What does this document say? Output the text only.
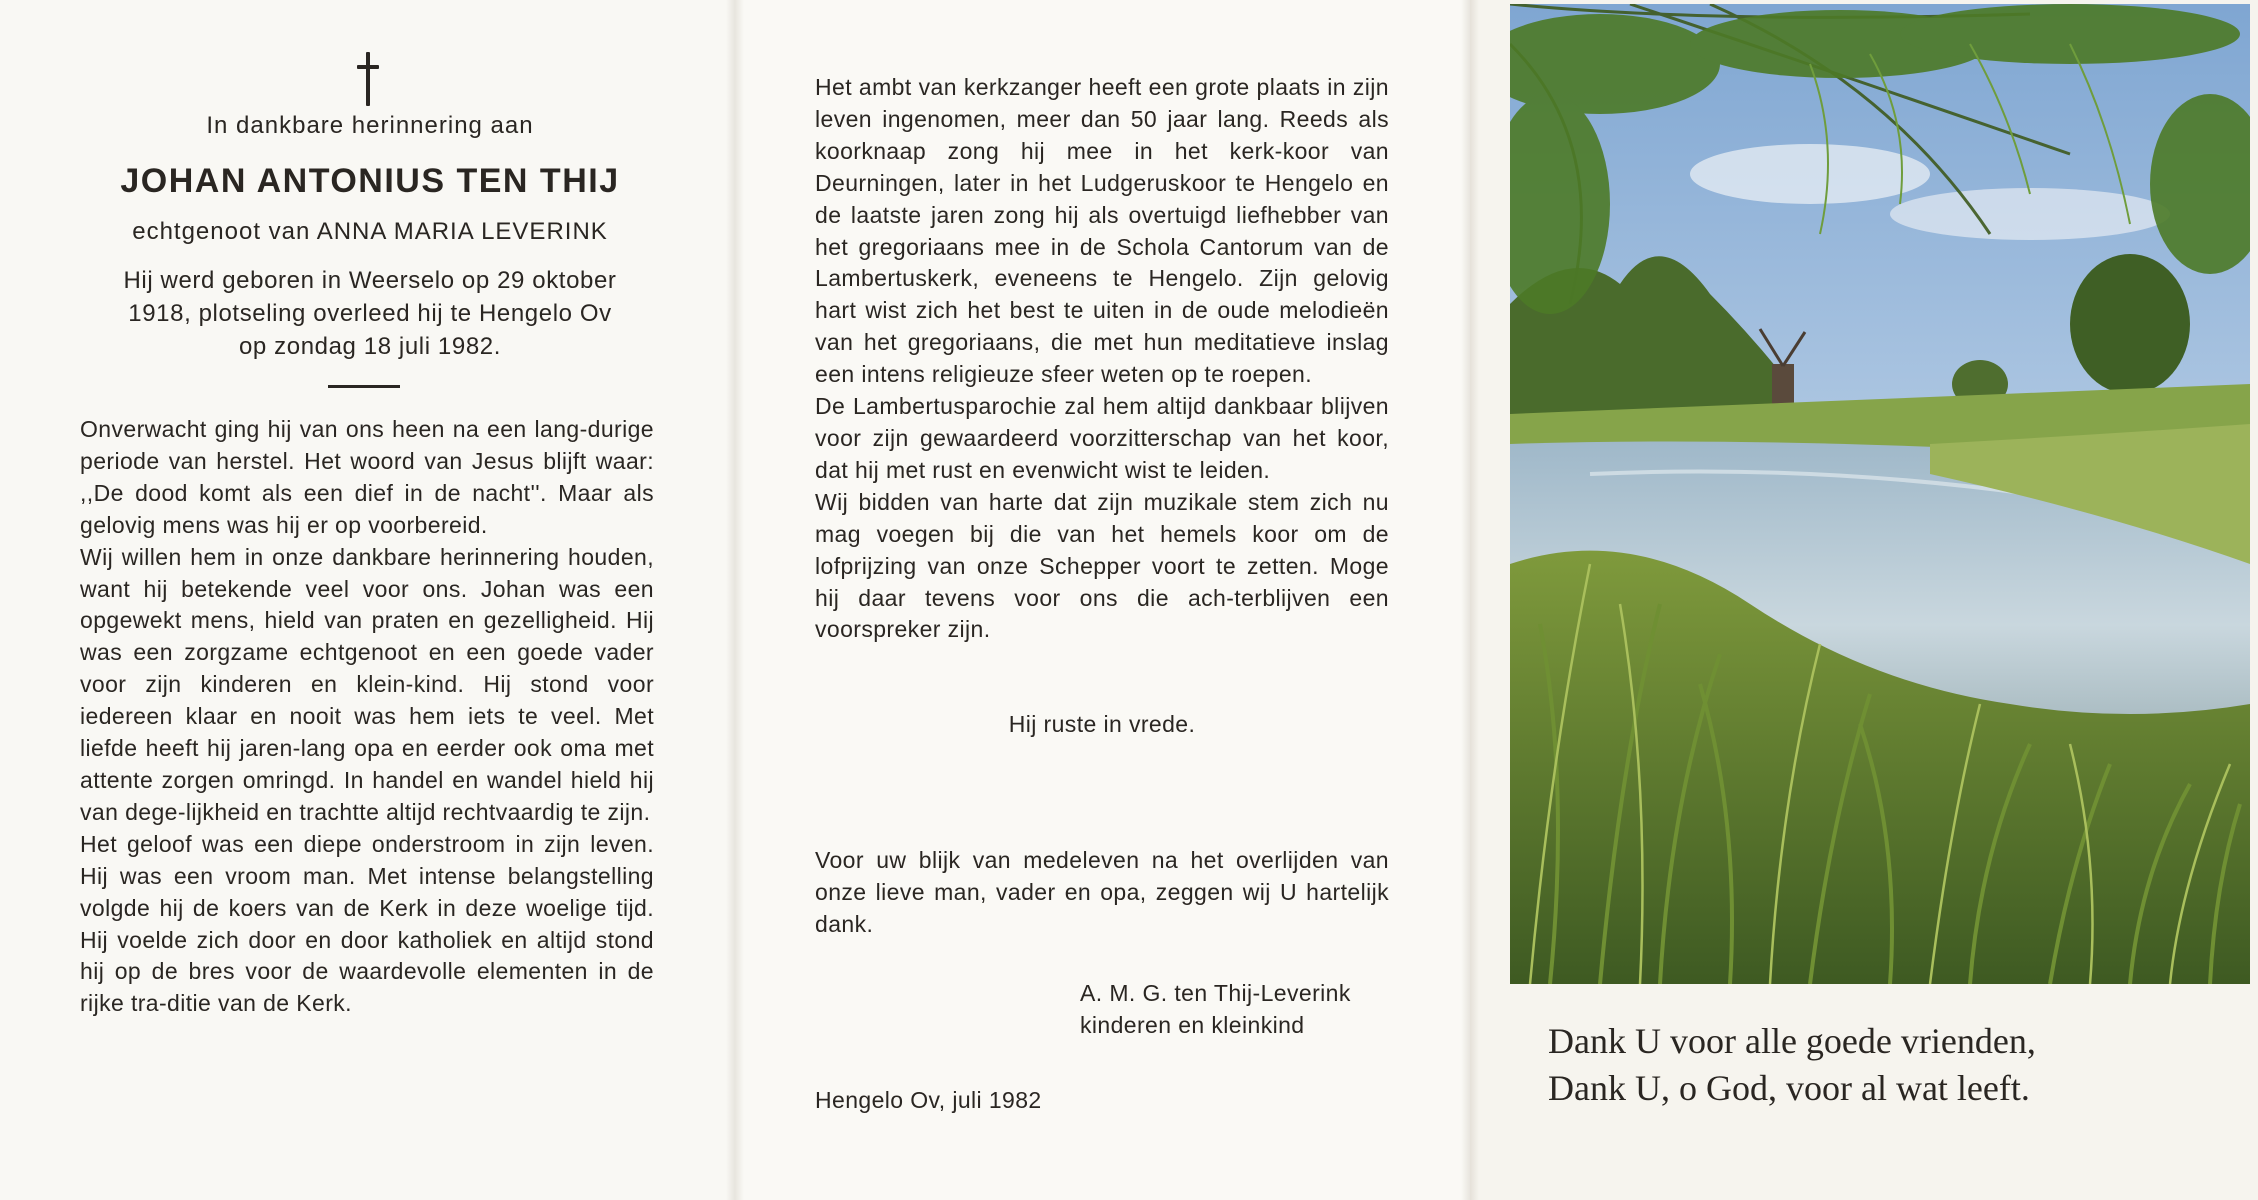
In dankbare herinnering aan
JOHAN ANTONIUS TEN THIJ
echtgenoot van ANNA MARIA LEVERINK
Hij werd geboren in Weerselo op 29 oktober
1918, plotseling overleed hij te Hengelo Ov
op zondag 18 juli 1982.

Onverwacht ging hij van ons heen na een lang-durige periode van herstel. Het woord van Jesus blijft waar: ,,De dood komt als een dief in de nacht''. Maar als gelovig mens was hij er op voorbereid.

Wij willen hem in onze dankbare herinnering houden, want hij betekende veel voor ons. Johan was een opgewekt mens, hield van praten en gezelligheid. Hij was een zorgzame echtgenoot en een goede vader voor zijn kinderen en klein-kind. Hij stond voor iedereen klaar en nooit was hem iets te veel. Met liefde heeft hij jaren-lang opa en eerder ook oma met attente zorgen omringd. In handel en wandel hield hij van dege-lijkheid en trachtte altijd rechtvaardig te zijn.

Het geloof was een diepe onderstroom in zijn leven. Hij was een vroom man. Met intense belangstelling volgde hij de koers van de Kerk in deze woelige tijd. Hij voelde zich door en door katholiek en altijd stond hij op de bres voor de waardevolle elementen in de rijke tra-ditie van de Kerk.

Het ambt van kerkzanger heeft een grote plaats in zijn leven ingenomen, meer dan 50 jaar lang. Reeds als koorknaap zong hij mee in het kerk-koor van Deurningen, later in het Ludgeruskoor te Hengelo en de laatste jaren zong hij als overtuigd liefhebber van het gregoriaans mee in de Schola Cantorum van de Lambertuskerk, eveneens te Hengelo. Zijn gelovig hart wist zich het best te uiten in de oude melodieën van het gregoriaans, die met hun meditatieve inslag een intens religieuze sfeer weten op te roepen.

De Lambertusparochie zal hem altijd dankbaar blijven voor zijn gewaardeerd voorzitterschap van het koor, dat hij met rust en evenwicht wist te leiden.

Wij bidden van harte dat zijn muzikale stem zich nu mag voegen bij die van het hemels koor om de lofprijzing van onze Schepper voort te zetten. Moge hij daar tevens voor ons die ach-terblijven een voorspreker zijn.

Hij ruste in vrede.
Voor uw blijk van medeleven na het overlijden van onze lieve man, vader en opa, zeggen wij U hartelijk dank.
A. M. G. ten Thij-Leverink
kinderen en kleinkind
Hengelo Ov, juli 1982
Dank U voor alle goede vrienden,
Dank U, o God, voor al wat leeft.
